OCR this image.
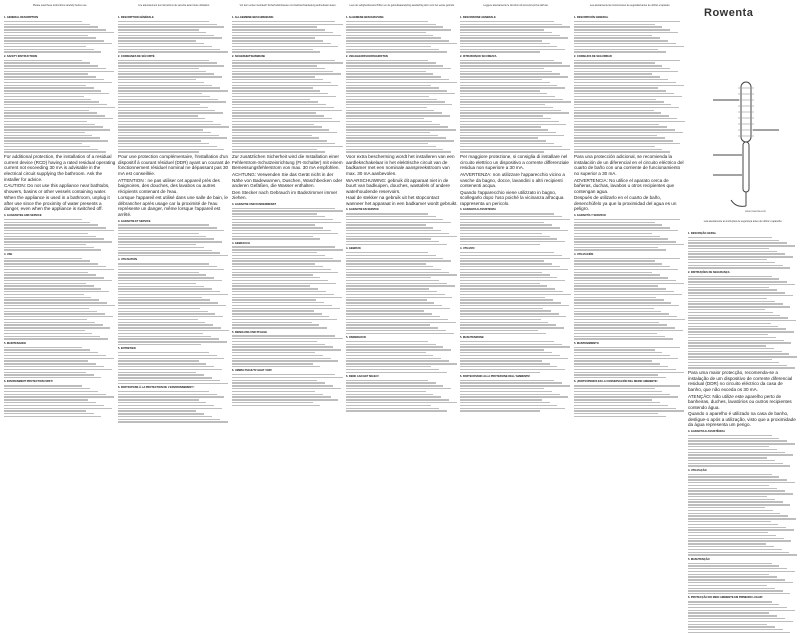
Please read these instructions carefully before use.
1. GENERAL DESCRIPTION
2. SAFETY INSTRUCTIONS
For additional protection, the installation of a residual current device (RCD) having a rated residual operating current not exceeding 30 mA is advisable in the electrical circuit supplying the bathroom. Ask the installer for advice.
CAUTION: Do not use this appliance near bathtubs, showers, basins or other vessels containing water.
When the appliance is used in a bathroom, unplug it after use since the proximity of water presents a danger, even when the appliance is switched off.
3. GUARANTEE AND SERVICE
4. USE
5. MAINTENANCE
6. ENVIRONMENT PROTECTION FIRST!
Lire attentivement les instructions de sécurité avant toute utilisation.
1. DESCRIPTION GÉNÉRALE
2. CONSIGNES DE SÉCURITÉ
Pour une protection complémentaire, l'installation d'un dispositif à courant résiduel (DDR) ayant un courant de fonctionnement résiduel nominal ne dépassant pas 30 mA est conseillée.
ATTENTION : ne pas utiliser cet appareil près des baignoires, des douches, des lavabos ou autres récipients contenant de l'eau.
Lorsque l'appareil est utilisé dans une salle de bain, le débrancher après usage car la proximité de l'eau représente un danger, même lorsque l'appareil est arrêté.
3. GARANTIE ET SERVICE
4. UTILISATION
5. ENTRETIEN
6. PARTICIPONS À LA PROTECTION DE L'ENVIRONNEMENT !
Vor dem ersten Gebrauch Sicherheitshinweise und Gebrauchsanleitung aufmerksam lesen.
1. ALLGEMEINE BESCHREIBUNG
2. SICHERHEITSHINWEISE
Zur zusätzlichen Sicherheit wird die Installation einer Fehlerstrom-Schutzeinrichtung (FI-Schalter) mit einem Bemessungsfehlerstrom von max. 30 mA empfohlen.
ACHTUNG: Verwenden Sie das Gerät nicht in der Nähe von Badewannen, Duschen, Waschbecken oder anderen Gefäßen, die Wasser enthalten.
Den Stecker nach Gebrauch im Badezimmer immer ziehen.
3. GARANTIE UND KUNDENDIENST
4. GEBRAUCH
5. REINIGUNG UND PFLEGE
6. UMWELTSCHUTZ GEHT VOR!
Lees de veiligheidsvoorschriften en de gebruiksaanwijzing aandachtig door voor het eerste gebruik.
1. ALGEMENE BESCHRIJVING
2. VEILIGHEIDSVOORSCHRIFTEN
Voor extra bescherming wordt het installeren van een aardlekschakelaar in het elektrische circuit van de badkamer met een nominale aanspreekstroom van max. 30 mA aanbevolen.
WAARSCHUWING: gebruik dit apparaat niet in de buurt van badkuipen, douches, wastafels of andere waterhoudende reservoirs.
Haal de stekker na gebruik uit het stopcontact wanneer het apparaat in een badkamer wordt gebruikt.
3. GARANTIE EN SERVICE
4. GEBRUIK
5. ONDERHOUD
6. DENK AAN HET MILIEU!
Leggere attentamente le istruzioni di sicurezza prima dell'uso.
1. DESCRIZIONE GENERALE
2. ISTRUZIONI DI SICUREZZA
Per maggiore protezione, si consiglia di installare nel circuito elettrico un dispositivo a corrente differenziale residua non superiore a 30 mA.
AVVERTENZA: non utilizzare l'apparecchio vicino a vasche da bagno, docce, lavandini o altri recipienti contenenti acqua.
Quando l'apparecchio viene utilizzato in bagno, scollegarlo dopo l'uso poiché la vicinanza all'acqua rappresenta un pericolo.
3. GARANZIA E ASSISTENZA
4. UTILIZZO
5. MANUTENZIONE
6. PARTECIPIAMO ALLA PROTEZIONE DELL'AMBIENTE!
Lea atentamente las instrucciones de seguridad antes de utilizar el aparato.
1. DESCRIPCIÓN GENERAL
2. CONSEJOS DE SEGURIDAD
Para una protección adicional, se recomienda la instalación de un diferencial en el circuito eléctrico del cuarto de baño con una corriente de funcionamiento no superior a 30 mA.
ADVERTENCIA: No utilice el aparato cerca de bañeras, duchas, lavabos u otros recipientes que contengan agua.
Después de utilizarlo en el cuarto de baño, desenchúfelo ya que la proximidad del agua es un peligro.
3. GARANTÍA Y SERVICIO
4. UTILIZACIÓN
5. MANTENIMIENTO
6. ¡PARTICIPEMOS EN LA CONSERVACIÓN DEL MEDIO AMBIENTE!
Leia atentamente as instruções de segurança antes de utilizar o aparelho.
1. DESCRIÇÃO GERAL
2. INSTRUÇÕES DE SEGURANÇA
Para uma maior protecção, recomenda-se a instalação de um dispositivo de corrente diferencial residual (DDR) no circuito eléctrico da casa de banho, que não exceda os 30 mA.
ATENÇÃO: Não utilize este aparelho perto de banheiras, duches, lavatórios ou outros recipientes contendo água.
Quando o aparelho é utilizado na casa de banho, desligue-o após a utilização, visto que a proximidade da água representa um perigo.
3. GARANTIA E ASSISTÊNCIA
4. UTILIZAÇÃO
5. MANUTENÇÃO
6. PROTECÇÃO DO MEIO AMBIENTE EM PRIMEIRO LUGAR!
Rowenta
www.rowenta.com
